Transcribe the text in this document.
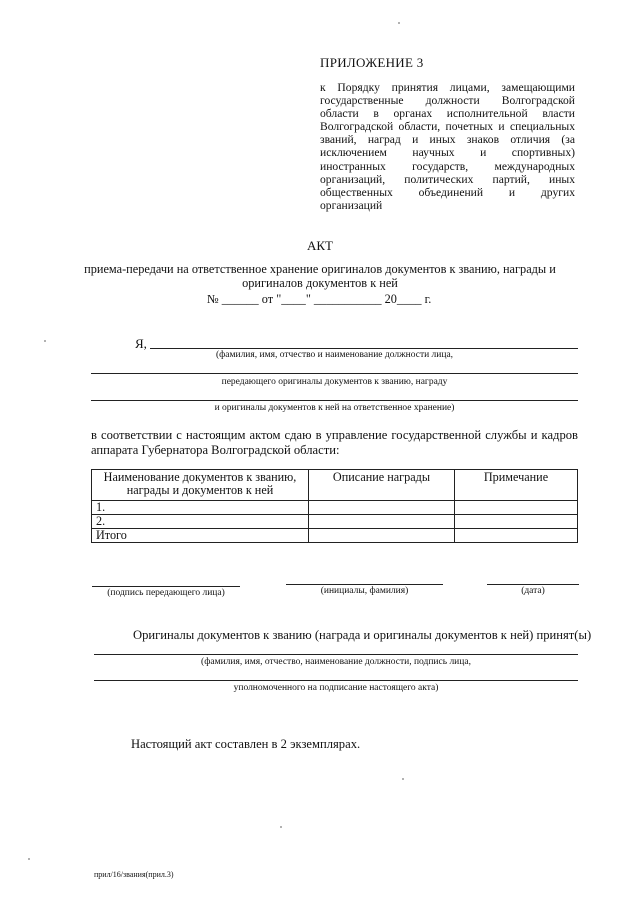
ПРИЛОЖЕНИЕ 3
к Порядку принятия лицами, замещающими государственные должности Волгоградской области в органах исполнительной власти Волгоградской области, почетных и специальных званий, наград и иных знаков отличия (за исключением научных и спортивных) иностранных государств, международных организаций, политических партий, иных общественных объединений и других
организаций
АКТ
приема-передачи на ответственное хранение оригиналов документов к званию, награды и оригиналов документов к ней
№ ______ от "____" ___________ 20____ г.
Я,
(фамилия, имя, отчество и наименование должности лица,
передающего оригиналы документов к званию, награду
и оригиналы документов к ней на ответственное хранение)
в соответствии с настоящим актом сдаю в управление государственной службы и кадров аппарата Губернатора Волгоградской области:
Наименование документов к званию, награды и документов к ней	Описание награды	Примечание
1.		
2.		
Итого		
(подпись передающего лица)	(инициалы, фамилия)	(дата)
Оригиналы документов к званию (награда и оригиналы документов к ней) принят(ы)
(фамилия, имя, отчество, наименование должности, подпись лица,
уполномоченного на подписание настоящего акта)
Настоящий акт составлен в 2 экземплярах.
прил/16/звания(прил.3)
